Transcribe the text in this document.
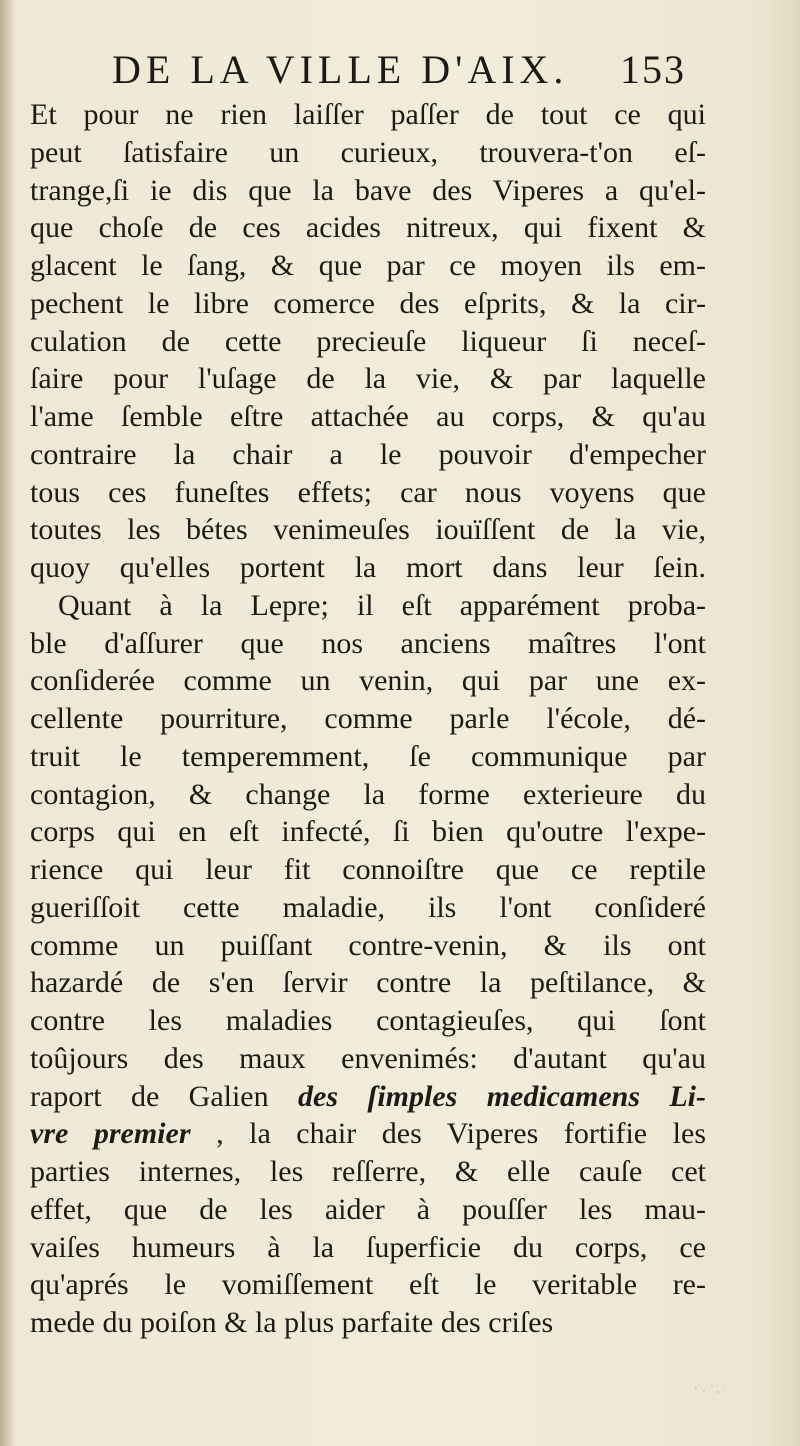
DE LA VILLE D'AIX. 153
Et pour ne rien laiſſer paſſer de tout ce qui
peut ſatisfaire un curieux, trouvera-t'on eſ-
trange,ſi ie dis que la bave des Viperes a qu'el-
que choſe de ces acides nitreux, qui fixent &
glacent le ſang, & que par ce moyen ils em-
pechent le libre comerce des eſprits, & la cir-
culation de cette precieuſe liqueur ſi neceſ-
ſaire pour l'uſage de la vie, & par laquelle
l'ame ſemble eſtre attachée au corps, & qu'au
contraire la chair a le pouvoir d'empecher
tous ces funeſtes effets; car nous voyens que
toutes les bétes venimeuſes iouïſſent de la vie,
quoy qu'elles portent la mort dans leur ſein.
Quant à la Lepre; il eſt apparément proba-
ble d'aſſurer que nos anciens maîtres l'ont
conſiderée comme un venin, qui par une ex-
cellente pourriture, comme parle l'école, dé-
truit le temperemment, ſe communique par
contagion, & change la forme exterieure du
corps qui en eſt infecté, ſi bien qu'outre l'expe-
rience qui leur fit connoiſtre que ce reptile
gueriſſoit cette maladie, ils l'ont conſideré
comme un puiſſant contre-venin, & ils ont
hazardé de s'en ſervir contre la peſtilance, &
contre les maladies contagieuſes, qui ſont
toûjours des maux envenimés: d'autant qu'au
raport de Galien des ſimples medicamens Li-
vre premier , la chair des Viperes fortifie les
parties internes, les reſſerre, & elle cauſe cet
effet, que de les aider à pouſſer les mau-
vaiſes humeurs à la ſuperficie du corps, ce
qu'aprés le vomiſſement eſt le veritable re-
mede du poiſon & la plus parfaite des criſes
